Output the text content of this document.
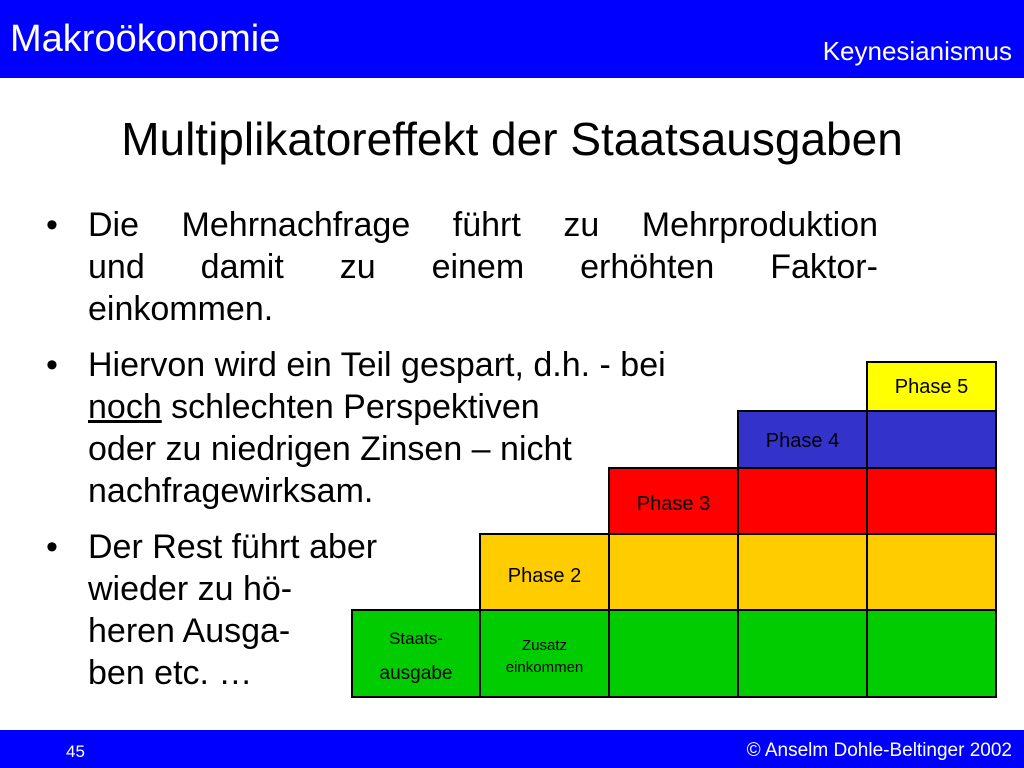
Makroökonomie	Keynesianismus
Multiplikatoreffekt der Staatsausgaben
• Die Mehrnachfrage führt zu Mehrproduktion
und damit zu einem erhöhten Faktor-
einkommen.
• Hiervon wird ein Teil gespart, d.h. - bei
noch schlechten Perspektiven
oder zu niedrigen Zinsen – nicht
nachfragewirksam.
• Der Rest führt aber
wieder zu hö-
heren Ausga-
ben etc. …
Staats-
ausgabe
Zusatz
einkommen
Phase 2
Phase 3
Phase 4
Phase 5
45	© Anselm Dohle-Beltinger 2002
